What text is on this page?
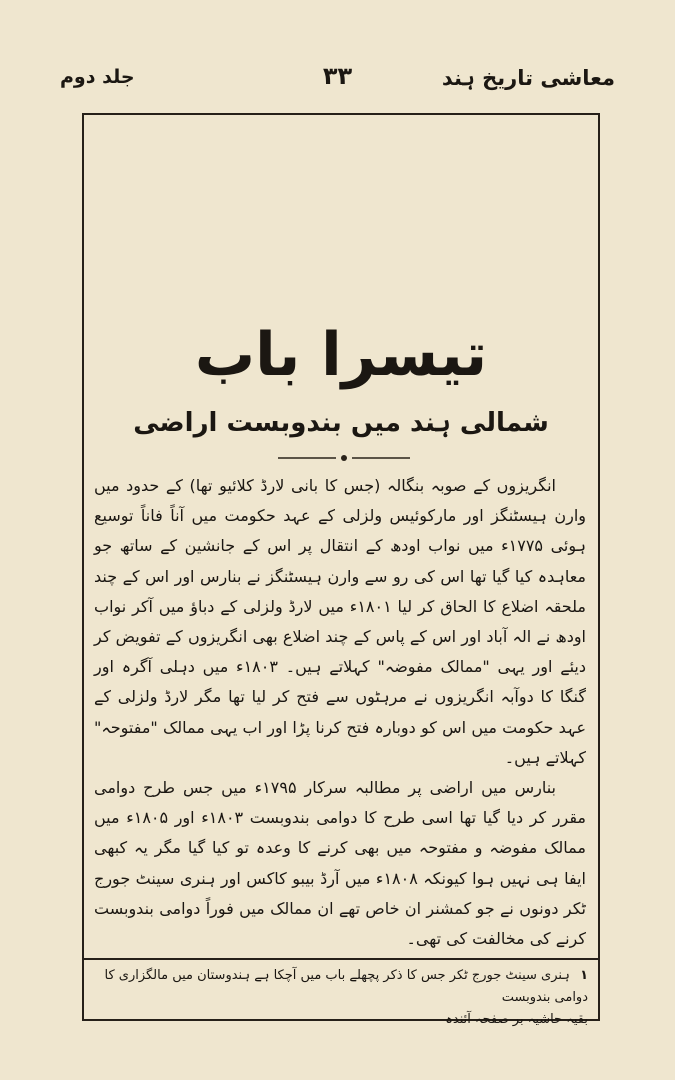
معاشی تاریخ ہند
۳۳
جلد دوم
تیسرا باب
شمالی ہند میں بندوبست اراضی

انگریزوں کے صوبہ بنگالہ (جس کا بانی لارڈ کلائیو تھا) کے حدود میں وارن ہیسٹنگز اور مارکوئیس ولزلی کے عہد حکومت میں آناً فاناً توسیع ہوئی ۱۷۷۵ء میں نواب اودھ کے انتقال پر اس کے جانشین کے ساتھ جو معاہدہ کیا گیا تھا اس کی رو سے وارن ہیسٹنگز نے بنارس اور اس کے چند ملحقہ اضلاع کا الحاق کر لیا ۱۸۰۱ء میں لارڈ ولزلی کے دباؤ میں آکر نواب اودھ نے الہ آباد اور اس کے پاس کے چند اضلاع بھی انگریزوں کے تفویض کر دیئے اور یہی "ممالک مفوضہ" کہلاتے ہیں۔ ۱۸۰۳ء میں دہلی آگرہ اور گنگا کا دوآبہ انگریزوں نے مرہٹوں سے فتح کر لیا تھا مگر لارڈ ولزلی کے عہد حکومت میں اس کو دوبارہ فتح کرنا پڑا اور اب یہی ممالک "مفتوحہ" کہلاتے ہیں۔

بنارس میں اراضی پر مطالبہ سرکار ۱۷۹۵ء میں جس طرح دوامی مقرر کر دیا گیا تھا اسی طرح کا دوامی بندوبست ۱۸۰۳ء اور ۱۸۰۵ء میں ممالک مفوضہ و مفتوحہ میں بھی کرنے کا وعدہ تو کیا گیا مگر یہ کبھی ایفا ہی نہیں ہوا کیونکہ ۱۸۰۸ء میں آرڈ بیبو کاکس اور ہنری سینٹ جورج ٹکر دونوں نے جو کمشنر ان خاص تھے ان ممالک میں فوراً دوامی بندوبست کرنے کی مخالفت کی تھی۔

۱ ہنری سینٹ جورج ٹکر جس کا ذکر پچھلے باب میں آچکا ہے ہندوستان میں مالگزاری کا دوامی بندوبست
بقیہ حاشیہ بر صفحہ آئندہ
